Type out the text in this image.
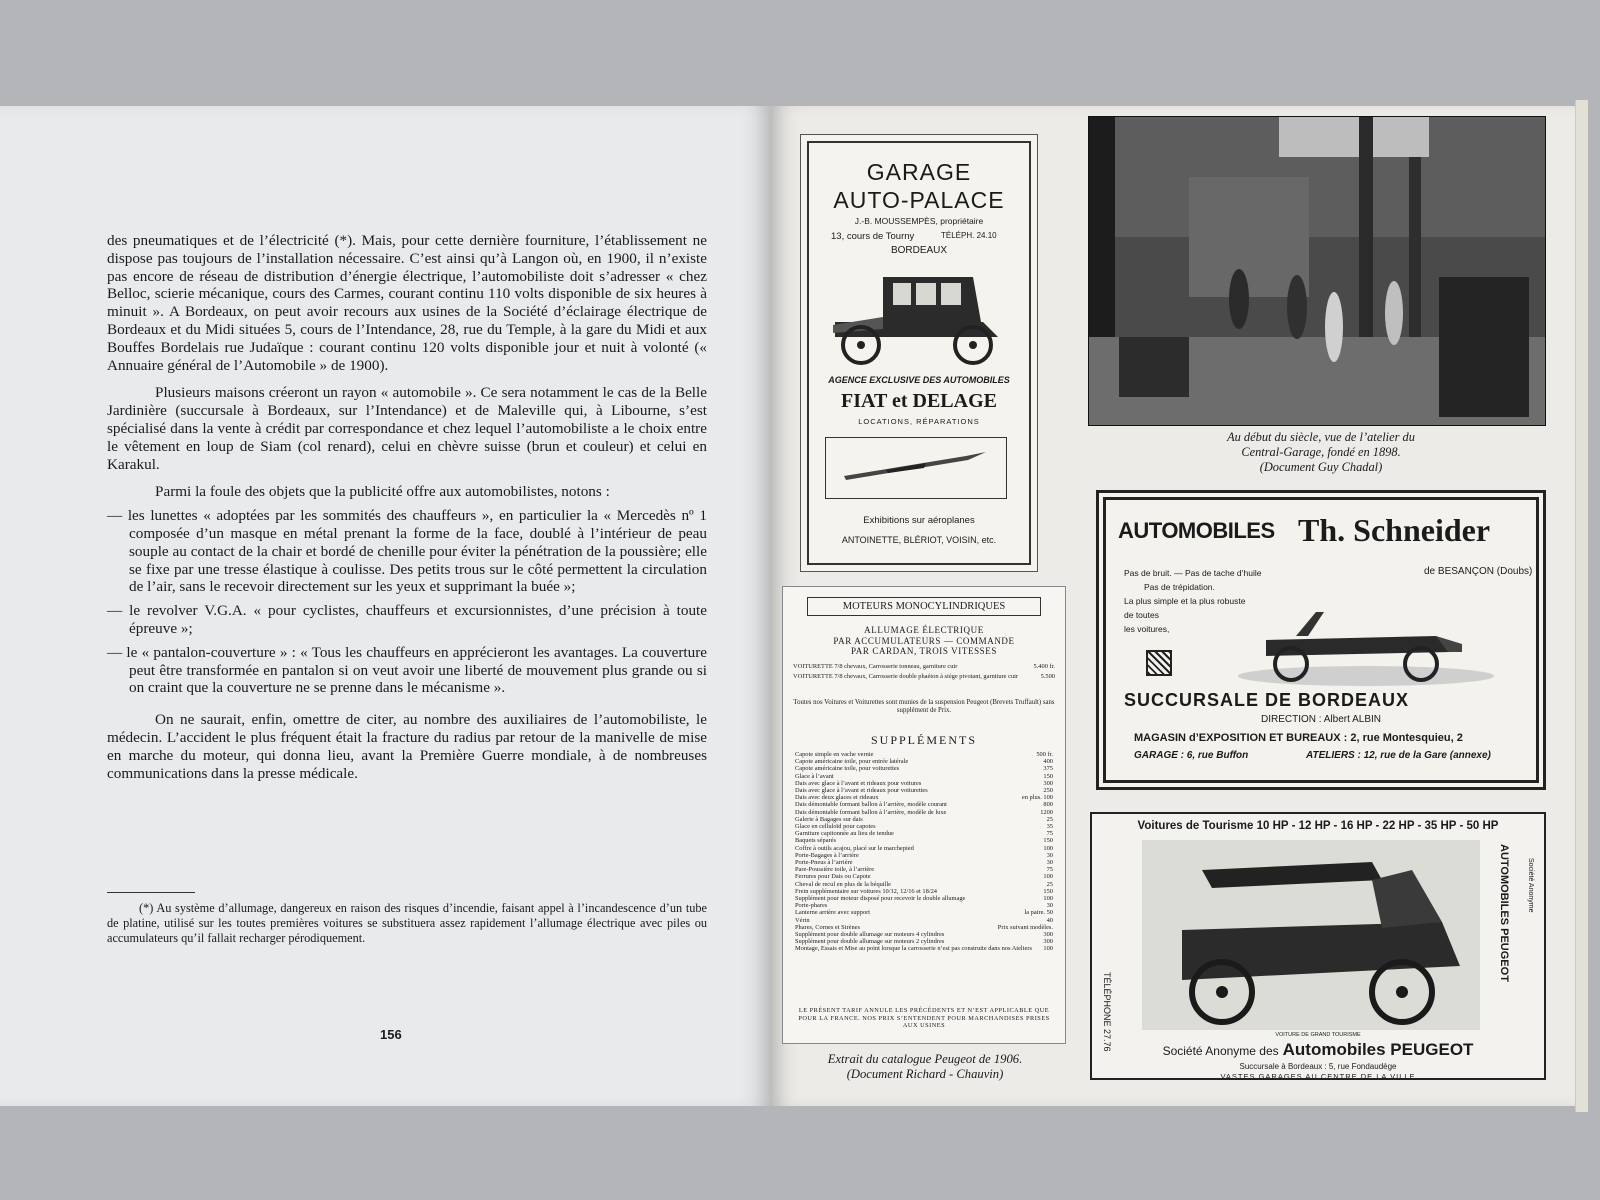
des pneumatiques et de l’électricité (*). Mais, pour cette dernière fourniture, l’établissement ne dispose pas toujours de l’installation nécessaire. C’est ainsi qu’à Langon où, en 1900, il n’existe pas encore de réseau de distribution d’énergie électrique, l’automobiliste doit s’adresser « chez Belloc, scierie mécanique, cours des Carmes, courant continu 110 volts disponible de six heures à minuit ». A Bordeaux, on peut avoir recours aux usines de la Société d’éclairage électrique de Bordeaux et du Midi situées 5, cours de l’Intendance, 28, rue du Temple, à la gare du Midi et aux Bouffes Bordelais rue Judaïque : courant continu 120 volts disponible jour et nuit à volonté (« Annuaire général de l’Automobile » de 1900).

Plusieurs maisons créeront un rayon « automobile ». Ce sera notamment le cas de la Belle Jardinière (succursale à Bordeaux, sur l’Intendance) et de Maleville qui, à Libourne, s’est spécialisé dans la vente à crédit par correspondance et chez lequel l’automobiliste a le choix entre le vêtement en loup de Siam (col renard), celui en chèvre suisse (brun et couleur) et celui en Karakul.

Parmi la foule des objets que la publicité offre aux automobilistes, notons :

— les lunettes « adoptées par les sommités des chauffeurs », en particulier la « Mercedès nº 1 composée d’un masque en métal prenant la forme de la face, doublé à l’intérieur de peau souple au contact de la chair et bordé de chenille pour éviter la pénétration de la poussière; elle se fixe par une tresse élastique à coulisse. Des petits trous sur le côté permettent la circulation de l’air, sans le recevoir directement sur les yeux et supprimant la buée »;

— le revolver V.G.A. « pour cyclistes, chauffeurs et excursionnistes, d’une précision à toute épreuve »;

— le « pantalon-couverture » : « Tous les chauffeurs en apprécieront les avantages. La couverture peut être transformée en pantalon si on veut avoir une liberté de mouvement plus grande ou si on craint que la couverture ne se prenne dans le mécanisme ».

On ne saurait, enfin, omettre de citer, au nombre des auxiliaires de l’automobiliste, le médecin. L’accident le plus fréquent était la fracture du radius par retour de la manivelle de mise en marche du moteur, qui donna lieu, avant la Première Guerre mondiale, à de nombreuses communications dans la presse médicale.

(*) Au système d’allumage, dangereux en raison des risques d’incendie, faisant appel à l’incandescence d’un tube de platine, utilisé sur les toutes premières voitures se substituera assez rapidement l’allumage électrique avec piles ou accumulateurs qu’il fallait recharger pérodiquement.

156
GARAGE
AUTO-PALACE
J.-B. MOUSSEMPÈS, propriétaire
13, cours de Tourny	TÉLÉPH. 24.10
BORDEAUX
AGENCE EXCLUSIVE DES AUTOMOBILES
FIAT et DELAGE
LOCATIONS, RÉPARATIONS
Exhibitions sur aéroplanes
ANTOINETTE, BLÉRIOT, VOISIN, etc.
Au début du siècle, vue de l’atelier du
Central-Garage, fondé en 1898.
(Document Guy Chadal)
AUTOMOBILES Th. Schneider
Pas de bruit. — Pas de tache d’huile
Pas de trépidation.
La plus simple et la plus robuste
de toutes
les voitures,
de BESANÇON (Doubs)
SUCCURSALE DE BORDEAUX
DIRECTION : Albert ALBIN
MAGASIN d’EXPOSITION ET BUREAUX : 2, rue Montesquieu, 2
GARAGE : 6, rue Buffon	ATELIERS : 12, rue de la Gare (annexe)
MOTEURS MONOCYLINDRIQUES
ALLUMAGE ÉLECTRIQUE
PAR ACCUMULATEURS — COMMANDE
PAR CARDAN, TROIS VITESSES
VOITURETTE 7/8 chevaux, Carrosserie tonneau, garniture cuir	5.400 fr.
VOITURETTE 7/8 chevaux, Carrosserie double phaéton à siège pivotant, garniture cuir	5.500
Toutes nos Voitures et Voiturettes sont munies de la suspension Peugeot (Brevets Truffault) sans supplément de Prix.
SUPPLÉMENTS
Capote simple en vache vernie	500 fr.
Capote américaine toile, pour entrée latérale	400
Capote américaine toile, pour voiturettes	375
Glace à l’avant	150
Dais avec glace à l’avant et rideaux pour voitures	300
Dais avec glace à l’avant et rideaux pour voiturettes	250
Dais avec deux glaces et rideaux	en plus. 100
Dais démontable formant ballon à l’arrière, modèle courant	800
Dais démontable formant ballon à l’arrière, modèle de luxe	1200
Galerie à Bagages sur dais	25
Glace en celluloïd pour capotes	35
Garniture capitonnée au lieu de tendue	75
Baquets séparés	150
Coffre à outils acajou, placé sur le marchepied	100
Porte-Bagages à l’arrière	30
Porte-Pneus à l’arrière	30
Pare-Poussière toile, à l’arrière	75
Ferrures pour Dais ou Capote	100
Cheval de recul en plus de la béquille	25
Frein supplémentaire sur voitures 10/12, 12/16 et 18/24	150
Supplément pour moteur disposé pour recevoir le double allumage	100
Porte-phares	30
Lanterne arrière avec support	la paire. 50
Vérin	40
Phares, Cornes et Sirènes	Prix suivant modèles.
Supplément pour double allumage sur moteurs 4 cylindres	300
Supplément pour double allumage sur moteurs 2 cylindres	300
Montage, Essais et Mise au point lorsque la carrosserie n’est pas construite dans nos Ateliers 100
LE PRÉSENT TARIF ANNULE LES PRÉCÉDENTS ET N’EST APPLICABLE QUE POUR LA FRANCE. NOS PRIX S’ENTENDENT POUR MARCHANDISES PRISES AUX USINES
Extrait du catalogue Peugeot de 1906.
(Document Richard - Chauvin)
Voitures de Tourisme 10 HP - 12 HP - 16 HP - 22 HP - 35 HP - 50 HP
TÉLÉPHONE 27.76
AUTOMOBILES PEUGEOT Société Anonyme
VOITURE DE GRAND TOURISME
Société Anonyme des Automobiles PEUGEOT
Succursale à Bordeaux : 5, rue Fondaudège
VASTES GARAGES AU CENTRE DE LA VILLE
